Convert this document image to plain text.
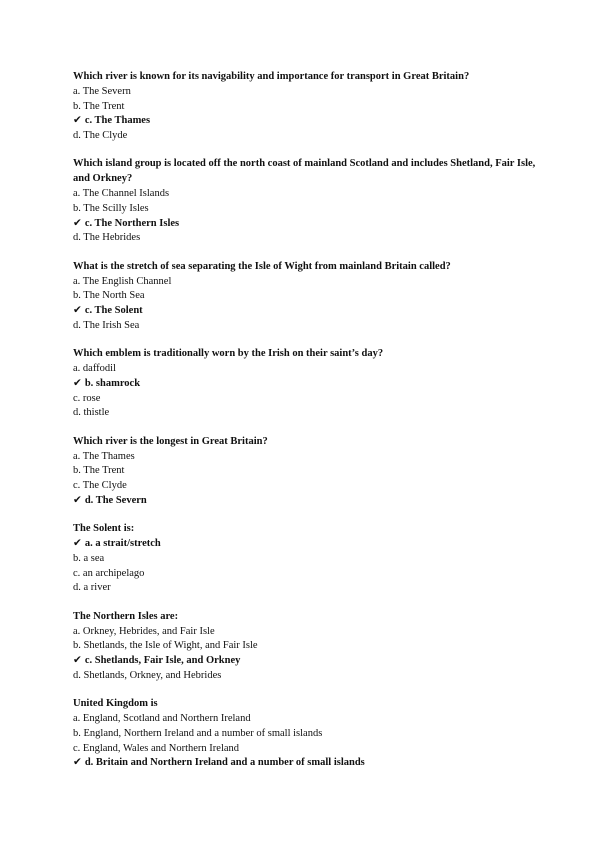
Which river is known for its navigability and importance for transport in Great Britain?

a. The Severn

b. The Trent

✔ c. The Thames

d. The Clyde

Which island group is located off the north coast of mainland Scotland and includes Shetland, Fair Isle, and Orkney?

a. The Channel Islands

b. The Scilly Isles

✔ c. The Northern Isles

d. The Hebrides

What is the stretch of sea separating the Isle of Wight from mainland Britain called?

a. The English Channel

b. The North Sea

✔ c. The Solent

d. The Irish Sea

Which emblem is traditionally worn by the Irish on their saint’s day?

a. daffodil

✔ b. shamrock

c. rose

d. thistle

Which river is the longest in Great Britain?

a. The Thames

b. The Trent

c. The Clyde

✔ d. The Severn

The Solent is:

✔ a. a strait/stretch

b. a sea

c. an archipelago

d. a river

The Northern Isles are:

a. Orkney, Hebrides, and Fair Isle

b. Shetlands, the Isle of Wight, and Fair Isle

✔ c. Shetlands, Fair Isle, and Orkney

d. Shetlands, Orkney, and Hebrides

United Kingdom is

a. England, Scotland and Northern Ireland

b. England, Northern Ireland and a number of small islands

c. England, Wales and Northern Ireland

✔ d. Britain and Northern Ireland and a number of small islands
